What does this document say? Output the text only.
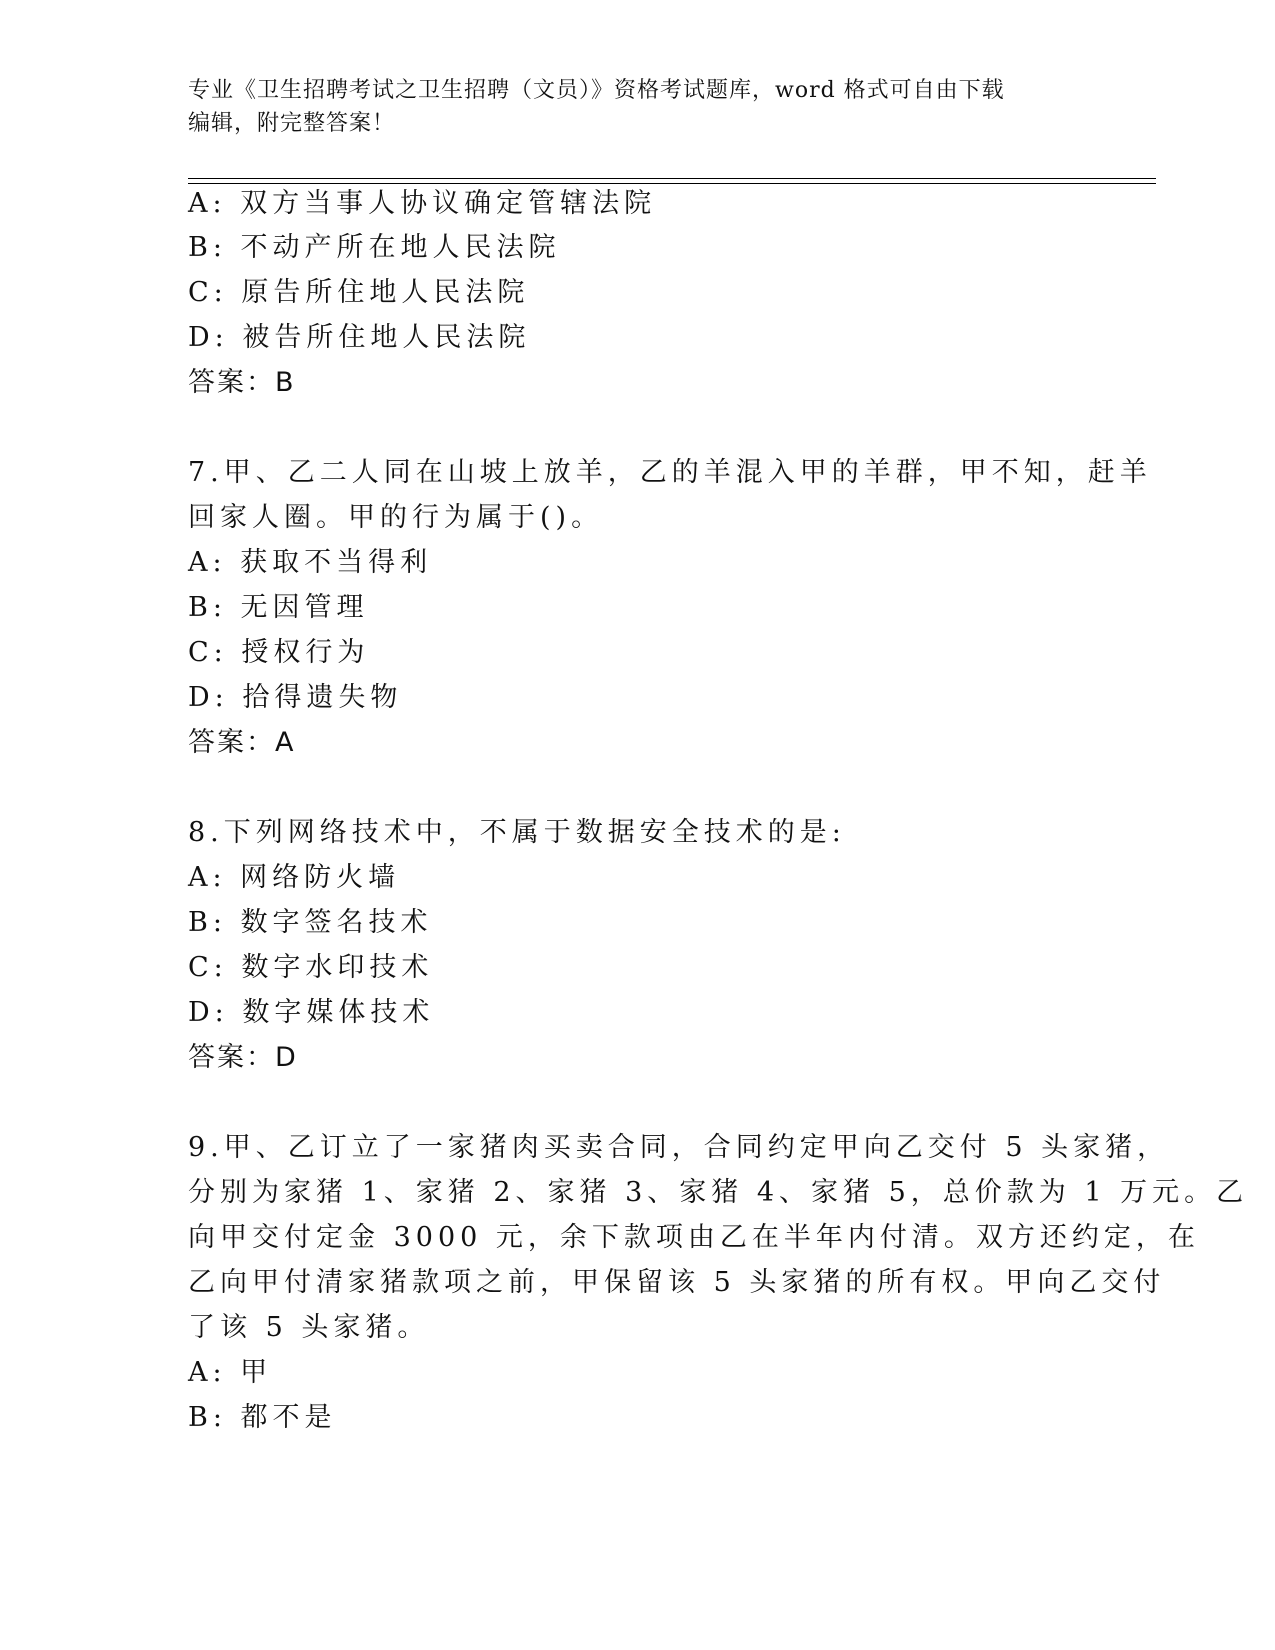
专业《卫生招聘考试之卫生招聘（文员）》资格考试题库，word 格式可自由下载
编辑，附完整答案！
A: 双方当事人协议确定管辖法院
B: 不动产所在地人民法院
C: 原告所住地人民法院
D: 被告所住地人民法院
答案：B
7.甲、乙二人同在山坡上放羊，乙的羊混入甲的羊群，甲不知，赶羊
回家人圈。甲的行为属于()。
A: 获取不当得利
B: 无因管理
C: 授权行为
D: 拾得遗失物
答案：A
8.下列网络技术中，不属于数据安全技术的是:
A: 网络防火墙
B: 数字签名技术
C: 数字水印技术
D: 数字媒体技术
答案：D
9.甲、乙订立了一家猪肉买卖合同，合同约定甲向乙交付 5 头家猪，
分别为家猪 1、家猪 2、家猪 3、家猪 4、家猪 5，总价款为 1 万元。乙
向甲交付定金 3000 元，余下款项由乙在半年内付清。双方还约定，在
乙向甲付清家猪款项之前，甲保留该 5 头家猪的所有权。甲向乙交付
了该 5 头家猪。
A: 甲
B: 都不是
